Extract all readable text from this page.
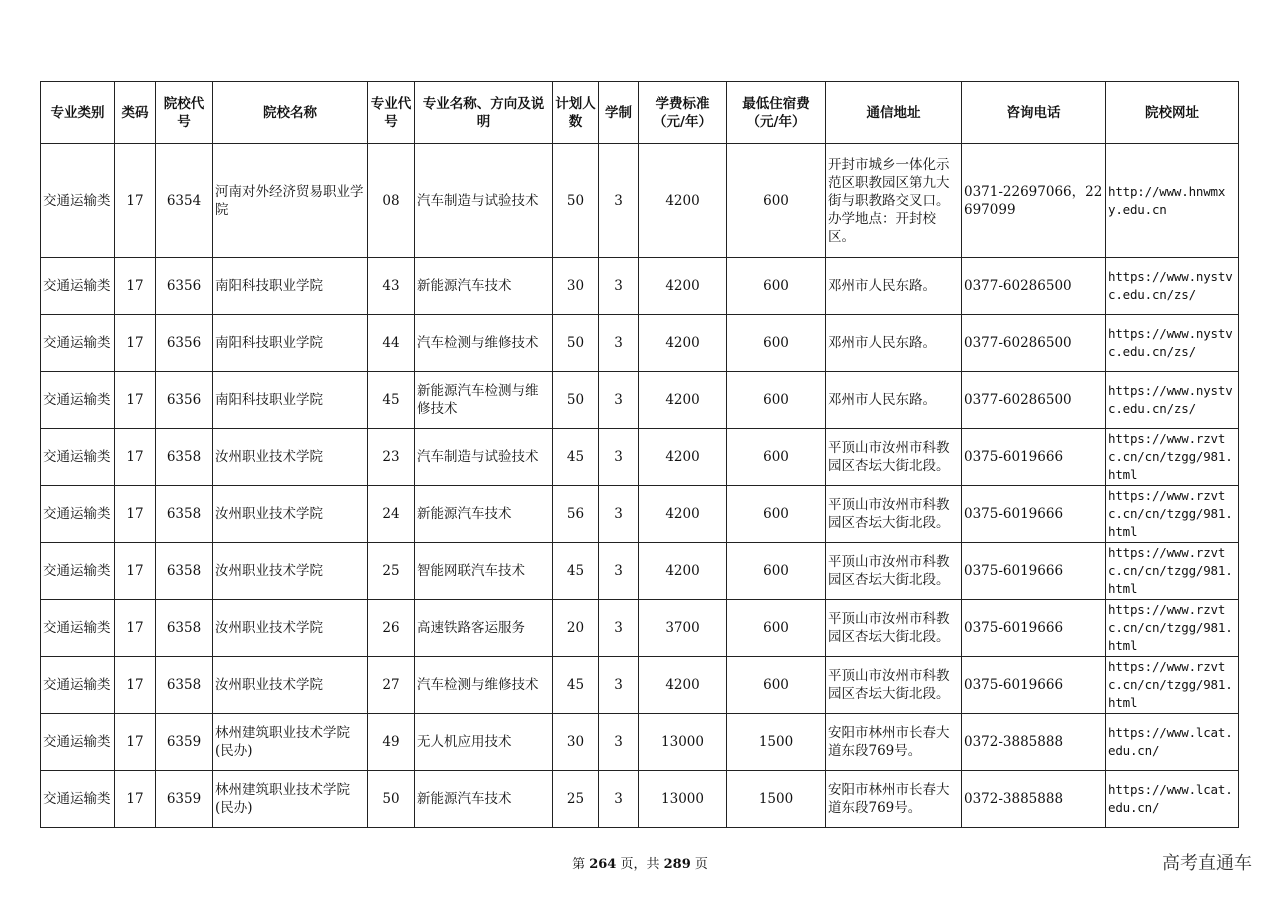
专业类别	类码	院校代号	院校名称	专业代号	专业名称、方向及说明	计划人数	学制	学费标准（元/年）	最低住宿费（元/年）	通信地址	咨询电话	院校网址
交通运输类	17	6354	河南对外经济贸易职业学院	08	汽车制造与试验技术	50	3	4200	600	开封市城乡一体化示范区职教园区第九大街与职教路交叉口。办学地点：开封校区。	0371-22697066，22697099	http://www.hnwmxy.edu.cn
交通运输类	17	6356	南阳科技职业学院	43	新能源汽车技术	30	3	4200	600	邓州市人民东路。	0377-60286500	https://www.nystvc.edu.cn/zs/
交通运输类	17	6356	南阳科技职业学院	44	汽车检测与维修技术	50	3	4200	600	邓州市人民东路。	0377-60286500	https://www.nystvc.edu.cn/zs/
交通运输类	17	6356	南阳科技职业学院	45	新能源汽车检测与维修技术	50	3	4200	600	邓州市人民东路。	0377-60286500	https://www.nystvc.edu.cn/zs/
交通运输类	17	6358	汝州职业技术学院	23	汽车制造与试验技术	45	3	4200	600	平顶山市汝州市科教园区杏坛大街北段。	0375-6019666	https://www.rzvtc.cn/cn/tzgg/981.html
交通运输类	17	6358	汝州职业技术学院	24	新能源汽车技术	56	3	4200	600	平顶山市汝州市科教园区杏坛大街北段。	0375-6019666	https://www.rzvtc.cn/cn/tzgg/981.html
交通运输类	17	6358	汝州职业技术学院	25	智能网联汽车技术	45	3	4200	600	平顶山市汝州市科教园区杏坛大街北段。	0375-6019666	https://www.rzvtc.cn/cn/tzgg/981.html
交通运输类	17	6358	汝州职业技术学院	26	高速铁路客运服务	20	3	3700	600	平顶山市汝州市科教园区杏坛大街北段。	0375-6019666	https://www.rzvtc.cn/cn/tzgg/981.html
交通运输类	17	6358	汝州职业技术学院	27	汽车检测与维修技术	45	3	4200	600	平顶山市汝州市科教园区杏坛大街北段。	0375-6019666	https://www.rzvtc.cn/cn/tzgg/981.html
交通运输类	17	6359	林州建筑职业技术学院(民办)	49	无人机应用技术	30	3	13000	1500	安阳市林州市长春大道东段769号。	0372-3885888	https://www.lcat.edu.cn/
交通运输类	17	6359	林州建筑职业技术学院(民办)	50	新能源汽车技术	25	3	13000	1500	安阳市林州市长春大道东段769号。	0372-3885888	https://www.lcat.edu.cn/
第 264 页，共 289 页	高考直通车
